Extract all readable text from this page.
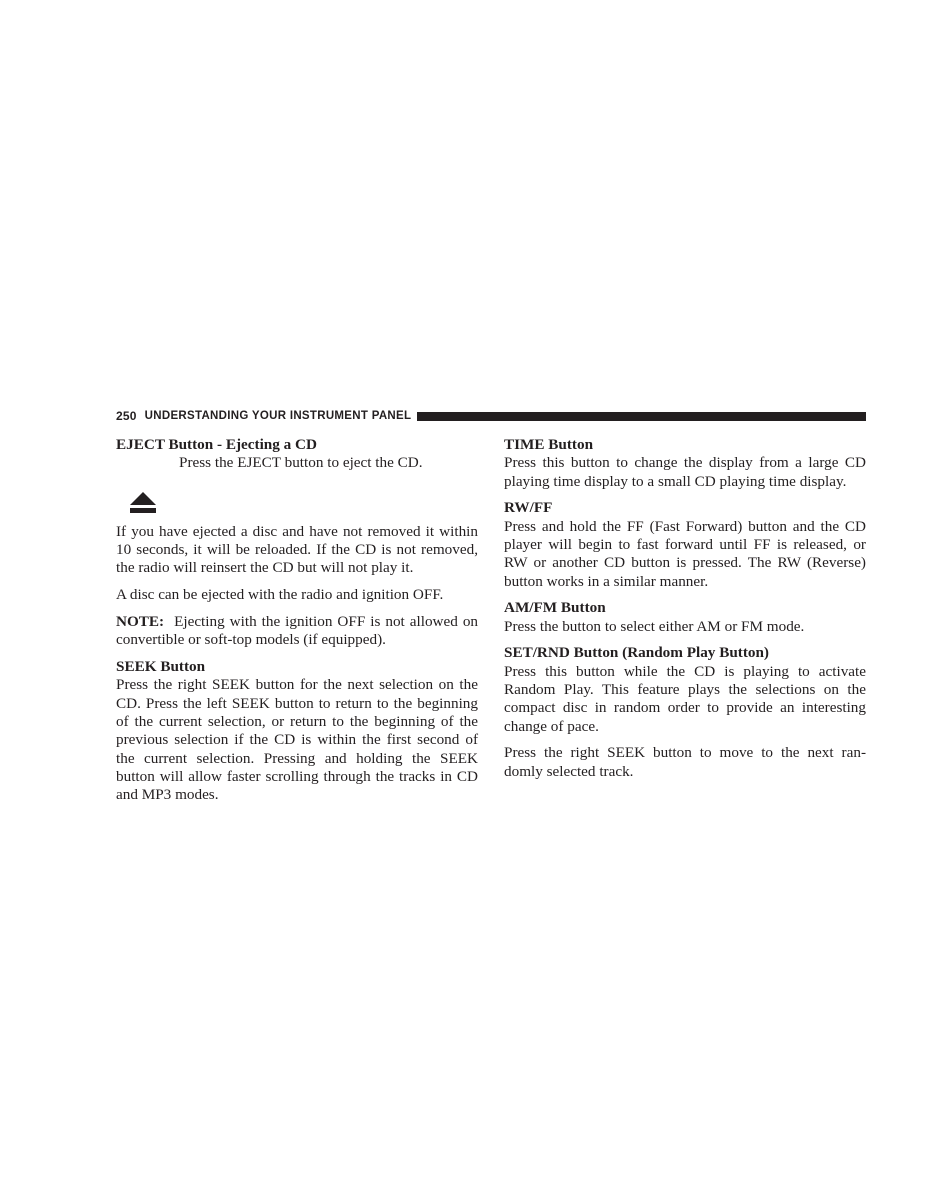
250 UNDERSTANDING YOUR INSTRUMENT PANEL
EJECT Button - Ejecting a CD
Press the EJECT button to eject the CD.

If you have ejected a disc and have not removed it within 10 seconds, it will be reloaded. If the CD is not removed, the radio will reinsert the CD but will not play it.

A disc can be ejected with the radio and ignition OFF.

NOTE: Ejecting with the ignition OFF is not allowed on convertible or soft-top models (if equipped).

SEEK Button

Press the right SEEK button for the next selection on the CD. Press the left SEEK button to return to the beginning of the current selection, or return to the beginning of the previous selection if the CD is within the first second of the current selection. Pressing and holding the SEEK button will allow faster scrolling through the tracks in CD and MP3 modes.

TIME Button

Press this button to change the display from a large CD playing time display to a small CD playing time display.

RW/FF

Press and hold the FF (Fast Forward) button and the CD player will begin to fast forward until FF is released, or RW or another CD button is pressed. The RW (Reverse) button works in a similar manner.

AM/FM Button

Press the button to select either AM or FM mode.

SET/RND Button (Random Play Button)

Press this button while the CD is playing to activate Random Play. This feature plays the selections on the compact disc in random order to provide an interesting change of pace.

Press the right SEEK button to move to the next ran- domly selected track.
